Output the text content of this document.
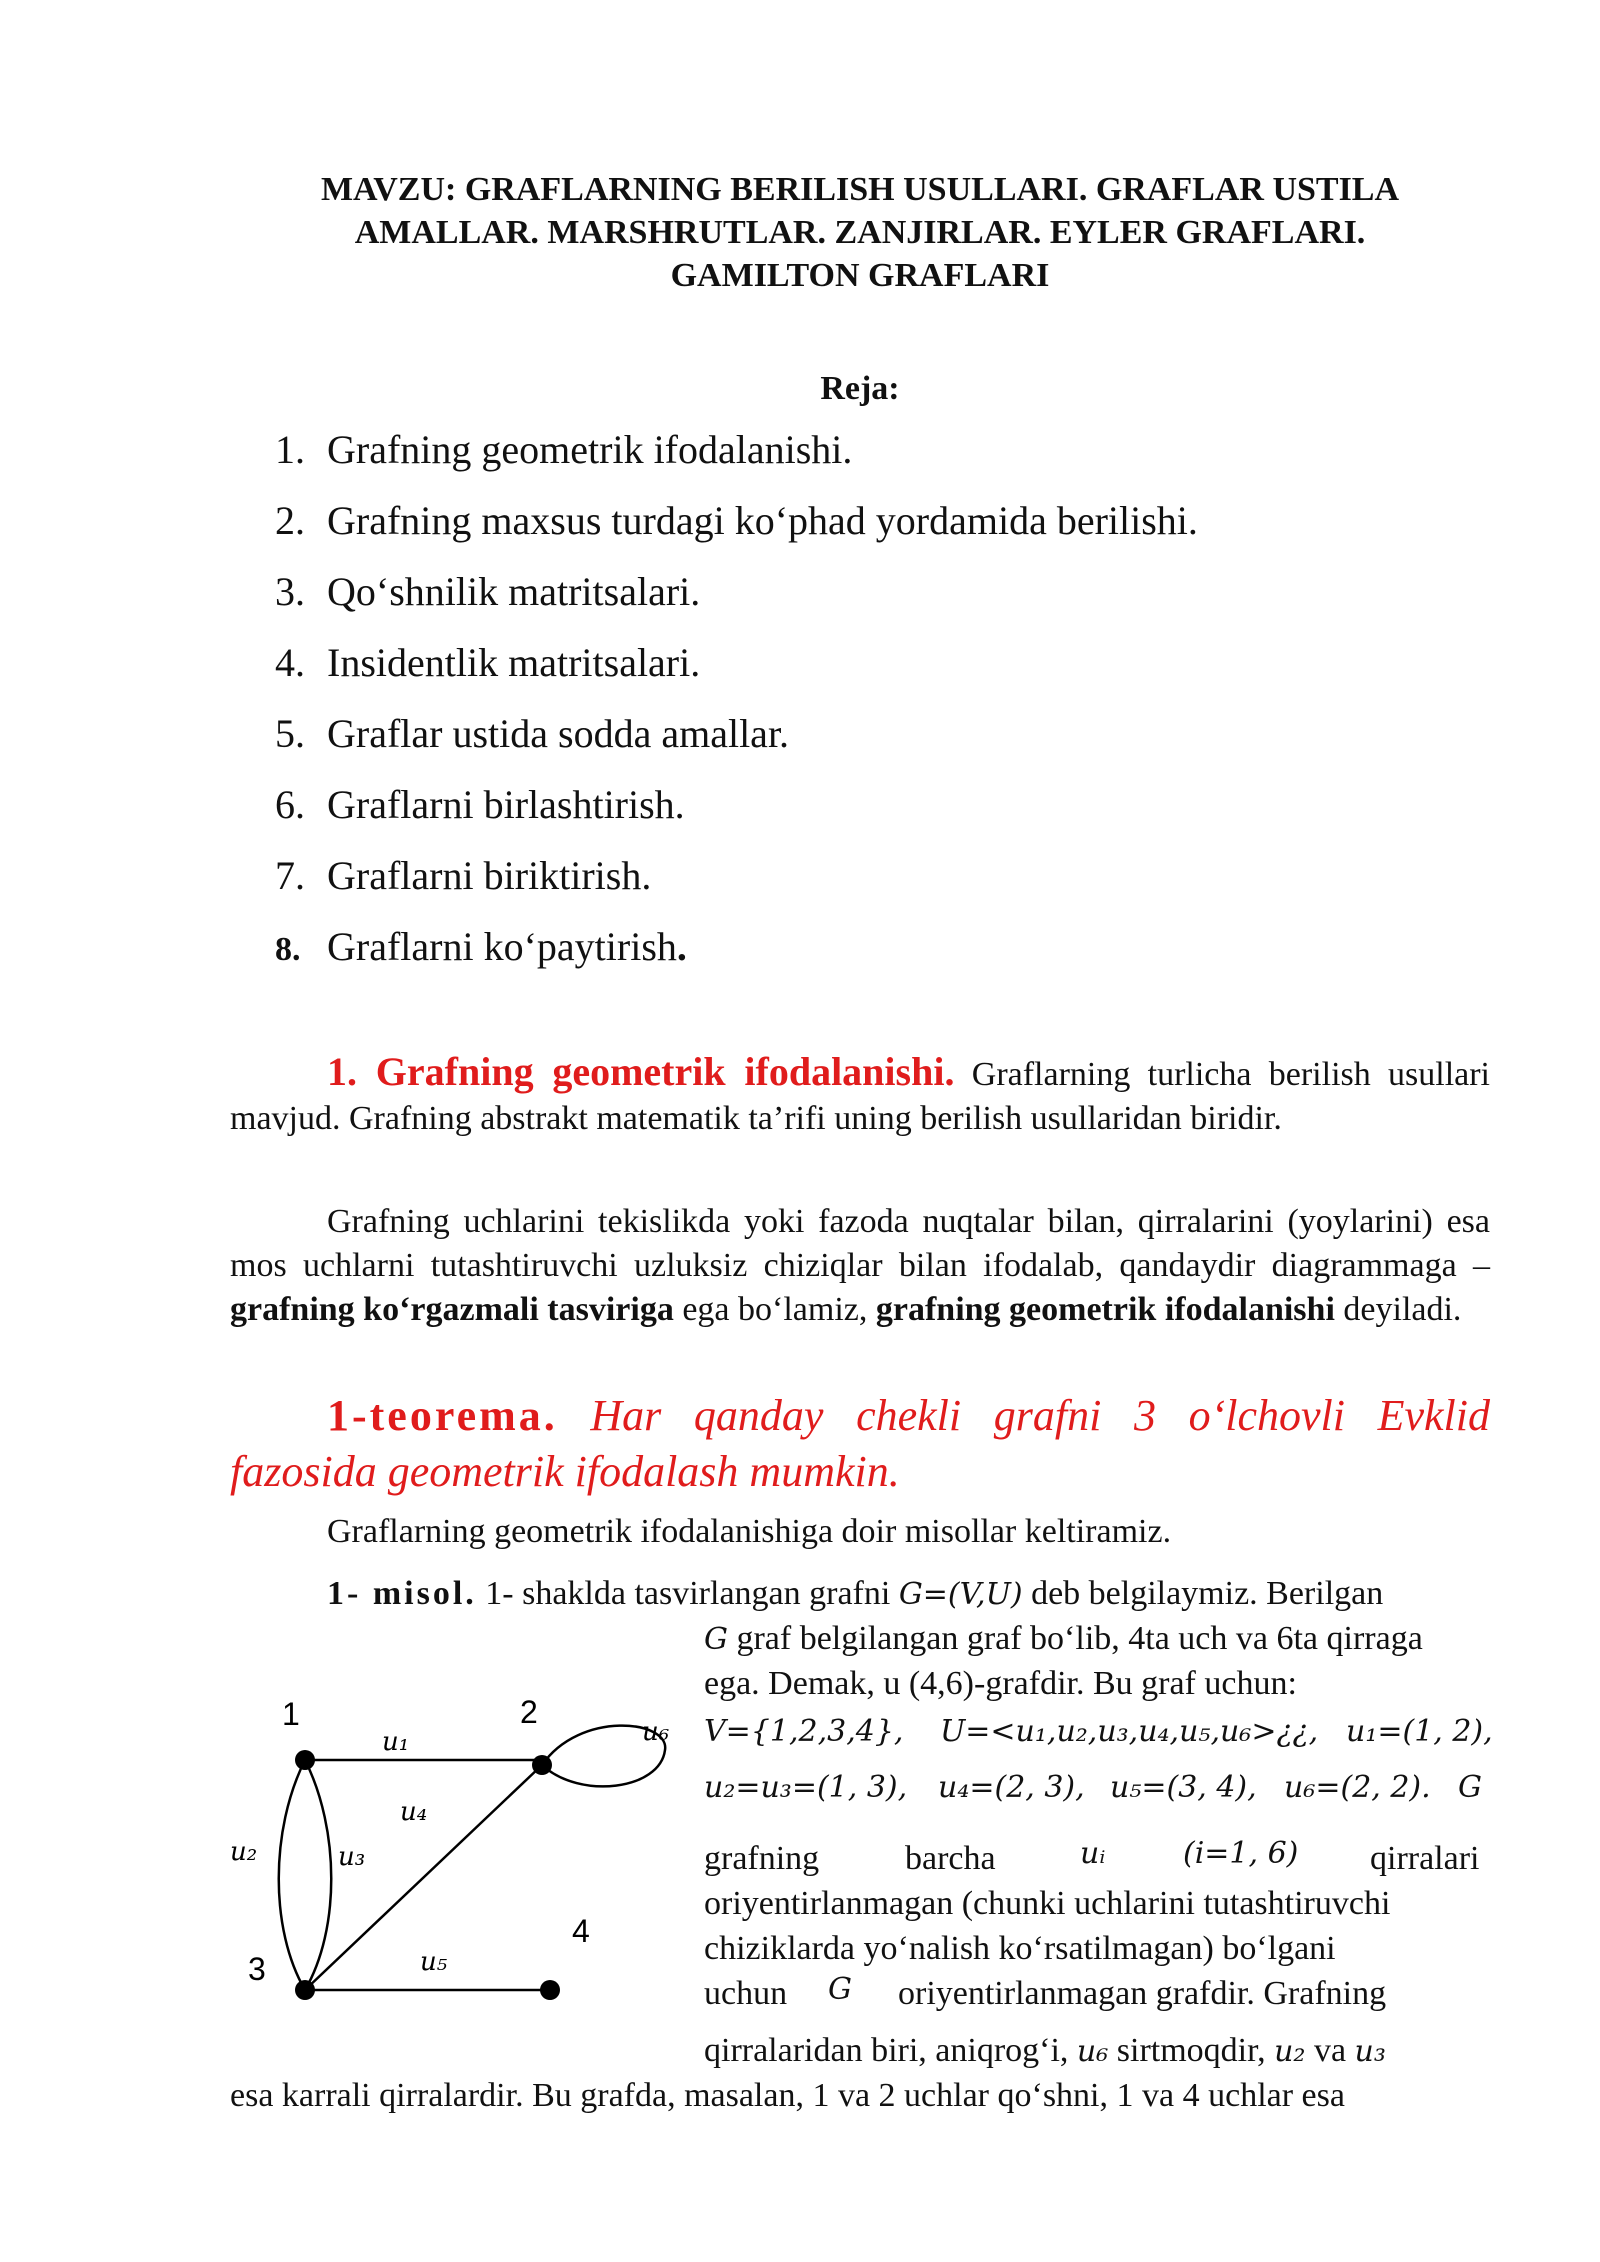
MAVZU: GRAFLARNING BERILISH USULLARI. GRAFLAR USTILA
AMALLAR. MARSHRUTLAR. ZANJIRLAR. EYLER GRAFLARI.
GAMILTON GRAFLARI
Reja:
1. Grafning geometrik ifodalanishi.
2. Grafning maxsus turdagi ko‘phad yordamida berilishi.
3. Qo‘shnilik matritsalari.
4. Insidentlik matritsalari.
5. Graflar ustida sodda amallar.
6. Graflarni birlashtirish.
7. Graflarni biriktirish.
8. Graflarni ko‘paytirish.
1. Grafning geometrik ifodalanishi. Graflarning turlicha berilish usullari mavjud. Grafning abstrakt matematik ta’rifi uning berilish usullaridan biridir.
Grafning uchlarini tekislikda yoki fazoda nuqtalar bilan, qirralarini (yoylarini) esa mos uchlarni tutashtiruvchi uzluksiz chiziqlar bilan ifodalab, qandaydir diagrammaga – grafning ko‘rgazmali tasviriga ega bo‘lamiz, grafning geometrik ifodalanishi deyiladi.
1-teorema. Har qanday chekli grafni 3 o‘lchovli Evklid fazosida geometrik ifodalash mumkin.
Graflarning geometrik ifodalanishiga doir misollar keltiramiz.
1- misol. 1- shaklda tasvirlangan grafni G=(V,U) deb belgilaymiz. Berilgan
G graf belgilangan graf bo‘lib, 4ta uch va 6ta qirraga
ega. Demak, u (4,6)-grafdir. Bu graf uchun:
V={1,2,3,4}, U=<u₁,u₂,u₃,u₄,u₅,u₆>¿¿, u₁=(1, 2),
u₂=u₃=(1, 3), u₄=(2, 3), u₅=(3, 4), u₆=(2, 2). G
grafning	barcha	uᵢ	(i=1, 6) qirralari
oriyentirlanmagan (chunki uchlarini tutashtiruvchi
chiziklarda yo‘nalish ko‘rsatilmagan) bo‘lgani
uchun G oriyentirlanmagan grafdir. Grafning
qirralaridan biri, aniqrog‘i, u₆ sirtmoqdir, u₂ va u₃
esa karrali qirralardir. Bu grafda, masalan, 1 va 2 uchlar qo‘shni, 1 va 4 uchlar esa
1	2
3
4
u₁
u₂	u₃
u₄
u₅
u₆
